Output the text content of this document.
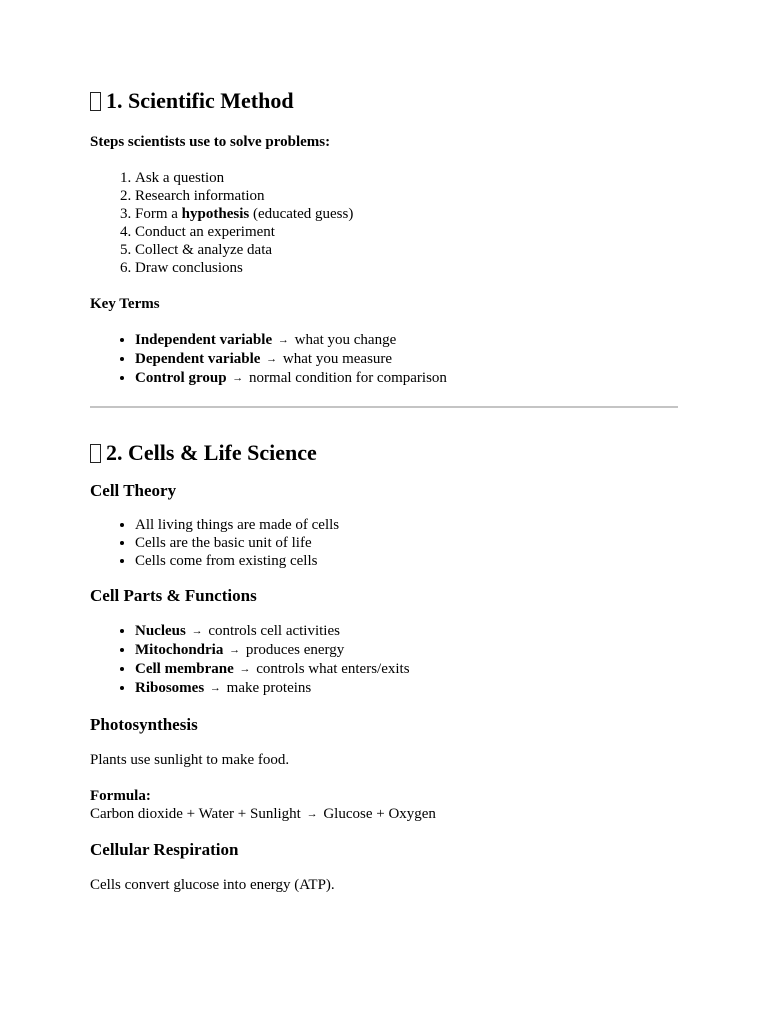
1. Scientific Method

Steps scientists use to solve problems:

1. Ask a question
2. Research information
3. Form a hypothesis (educated guess)
4. Conduct an experiment
5. Collect & analyze data
6. Draw conclusions

Key Terms

• Independent variable → what you change
• Dependent variable → what you measure
• Control group → normal condition for comparison
2. Cells & Life Science
Cell Theory
• All living things are made of cells
• Cells are the basic unit of life
• Cells come from existing cells
Cell Parts & Functions
• Nucleus → controls cell activities
• Mitochondria → produces energy
• Cell membrane → controls what enters/exits
• Ribosomes → make proteins
Photosynthesis

Plants use sunlight to make food.

Formula:
Carbon dioxide + Water + Sunlight → Glucose + Oxygen

Cellular Respiration

Cells convert glucose into energy (ATP).
